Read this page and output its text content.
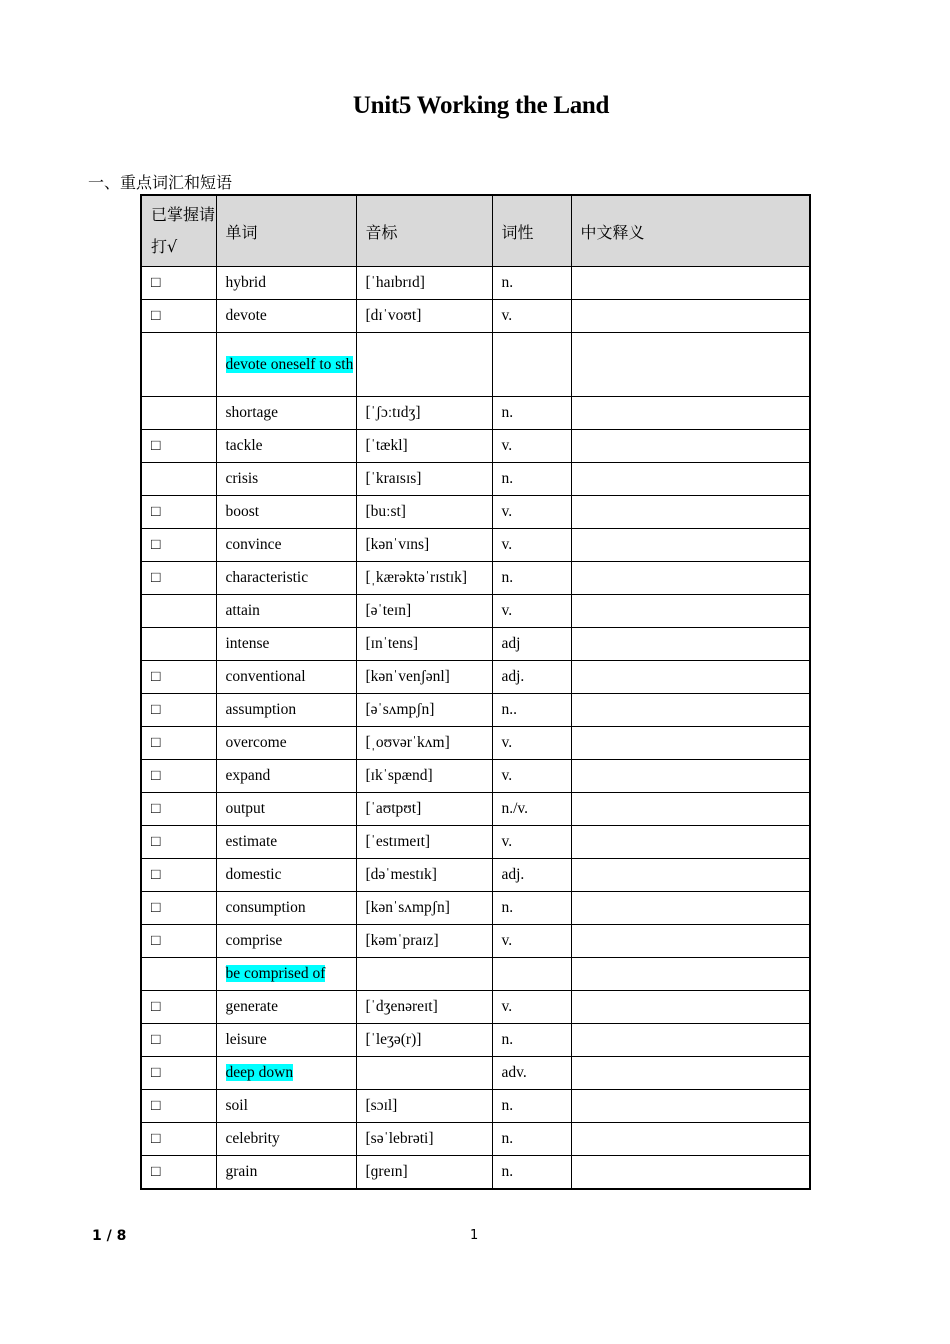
Unit5 Working the Land
一、重点词汇和短语
已掌握请打√	单词	音标	词性	中文释义
□	hybrid	[ˈhaɪbrɪd]	n.	
□	devote	[dɪˈvoʊt]	v.	
	devote oneself to sth			
	shortage	[ˈʃɔːtɪdʒ]	n.	
□	tackle	[ˈtækl]	v.	
	crisis	[ˈkraɪsɪs]	n.	
□	boost	[buːst]	v.	
□	convince	[kənˈvɪns]	v.	
□	characteristic	[ˌkærəktəˈrɪstɪk]	n.	
	attain	[əˈteɪn]	v.	
	intense	[ɪnˈtens]	adj	
□	conventional	[kənˈvenʃənl]	adj.	
□	assumption	[əˈsʌmpʃn]	n..	
□	overcome	[ˌoʊvərˈkʌm]	v.	
□	expand	[ɪkˈspænd]	v.	
□	output	[ˈaʊtpʊt]	n./v.	
□	estimate	[ˈestɪmeɪt]	v.	
□	domestic	[dəˈmestɪk]	adj.	
□	consumption	[kənˈsʌmpʃn]	n.	
□	comprise	[kəmˈpraɪz]	v.	
	be comprised of			
□	generate	[ˈdʒenəreɪt]	v.	
□	leisure	[ˈleʒə(r)]	n.	
□	deep down		adv.	
□	soil	[sɔɪl]	n.	
□	celebrity	[səˈlebrəti]	n.	
□	grain	[ɡreɪn]	n.	
1 / 8	1
